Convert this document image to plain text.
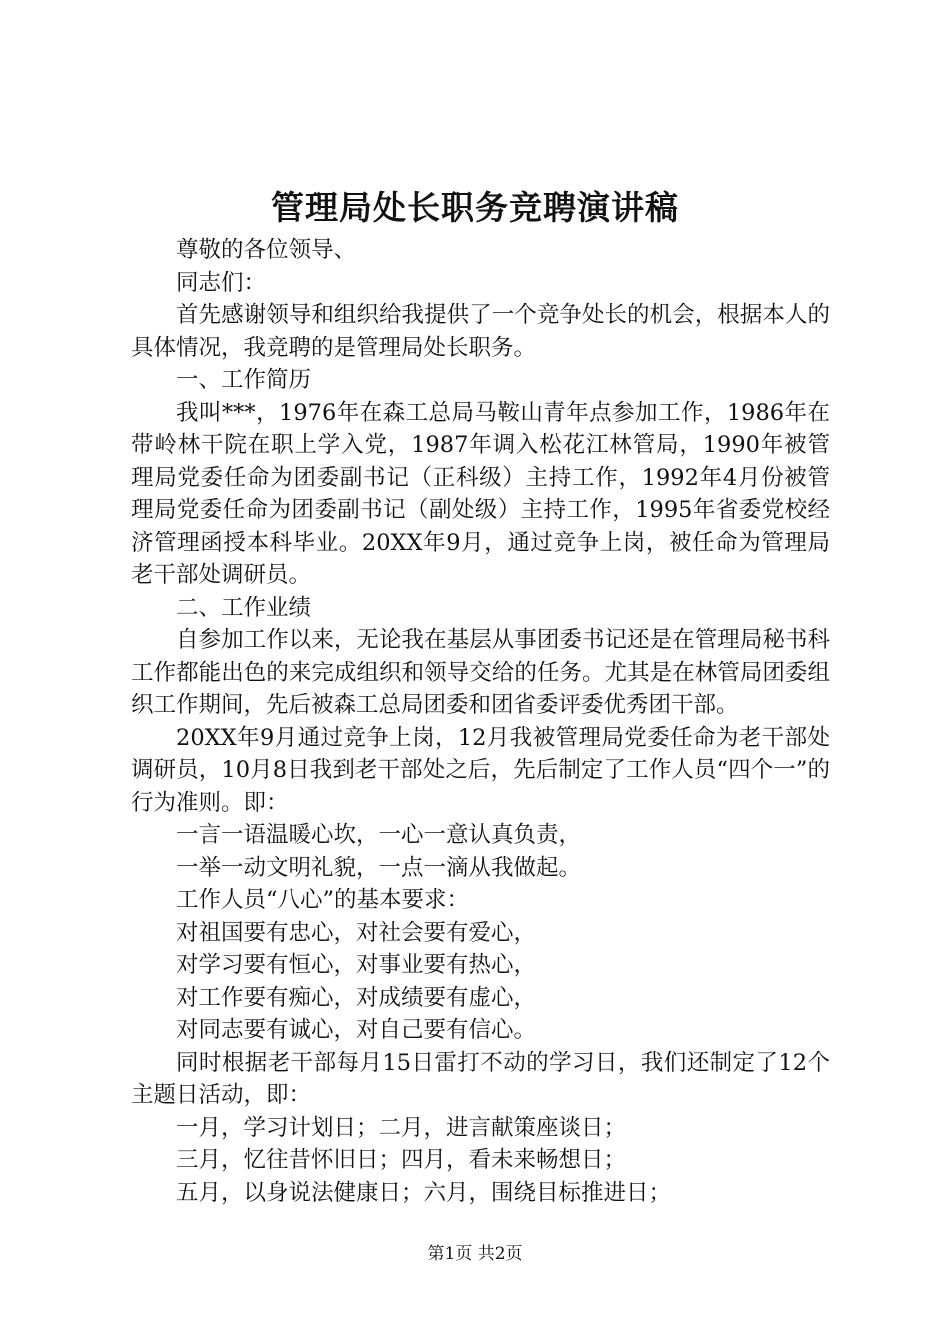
管理局处长职务竞聘演讲稿

尊敬的各位领导、

同志们：

首先感谢领导和组织给我提供了一个竞争处长的机会，根据本人的具体情况，我竞聘的是管理局处长职务。

一、工作简历

我叫***，1976年在森工总局马鞍山青年点参加工作，1986年在带岭林干院在职上学入党，1987年调入松花江林管局，1990年被管理局党委任命为团委副书记（正科级）主持工作，1992年4月份被管理局党委任命为团委副书记（副处级）主持工作，1995年省委党校经济管理函授本科毕业。20XX年9月，通过竞争上岗，被任命为管理局老干部处调研员。

二、工作业绩

自参加工作以来，无论我在基层从事团委书记还是在管理局秘书科工作都能出色的来完成组织和领导交给的任务。尤其是在林管局团委组织工作期间，先后被森工总局团委和团省委评委优秀团干部。

20XX年9月通过竞争上岗，12月我被管理局党委任命为老干部处调研员，10月8日我到老干部处之后，先后制定了工作人员“四个一”的行为准则。即：

一言一语温暖心坎，一心一意认真负责，

一举一动文明礼貌，一点一滴从我做起。

工作人员“八心”的基本要求：

对祖国要有忠心，对社会要有爱心，

对学习要有恒心，对事业要有热心，

对工作要有痴心，对成绩要有虚心，

对同志要有诚心，对自己要有信心。

同时根据老干部每月15日雷打不动的学习日，我们还制定了12个主题日活动，即：

一月，学习计划日；二月，进言献策座谈日；

三月，忆往昔怀旧日；四月，看未来畅想日；

五月，以身说法健康日；六月，围绕目标推进日；

第1页 共2页
